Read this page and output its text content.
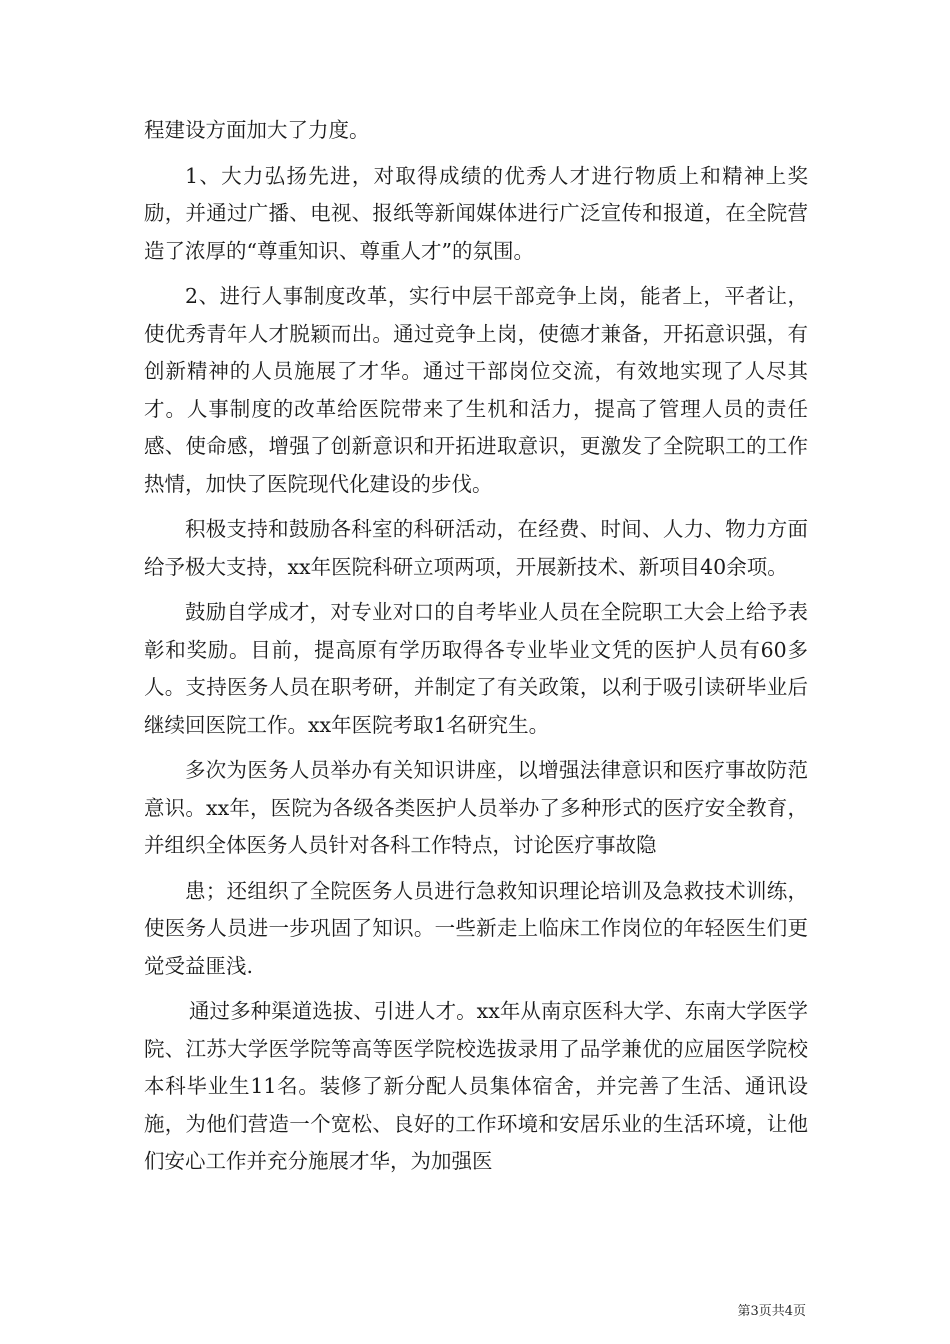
程建设方面加大了力度。

1、大力弘扬先进，对取得成绩的优秀人才进行物质上和精神上奖励，并通过广播、电视、报纸等新闻媒体进行广泛宣传和报道，在全院营造了浓厚的“尊重知识、尊重人才”的氛围。

2、进行人事制度改革，实行中层干部竞争上岗，能者上，平者让，使优秀青年人才脱颖而出。通过竞争上岗，使德才兼备，开拓意识强，有创新精神的人员施展了才华。通过干部岗位交流，有效地实现了人尽其才。人事制度的改革给医院带来了生机和活力，提高了管理人员的责任感、使命感，增强了创新意识和开拓进取意识，更激发了全院职工的工作热情，加快了医院现代化建设的步伐。

积极支持和鼓励各科室的科研活动，在经费、时间、人力、物力方面给予极大支持，xx年医院科研立项两项，开展新技术、新项目40余项。

鼓励自学成才，对专业对口的自考毕业人员在全院职工大会上给予表彰和奖励。目前，提高原有学历取得各专业毕业文凭的医护人员有60多人。支持医务人员在职考研，并制定了有关政策，以利于吸引读研毕业后继续回医院工作。xx年医院考取1名研究生。

多次为医务人员举办有关知识讲座，以增强法律意识和医疗事故防范意识。xx年，医院为各级各类医护人员举办了多种形式的医疗安全教育，并组织全体医务人员针对各科工作特点，讨论医疗事故隐

患；还组织了全院医务人员进行急救知识理论培训及急救技术训练，使医务人员进一步巩固了知识。一些新走上临床工作岗位的年轻医生们更觉受益匪浅.

通过多种渠道选拔、引进人才。xx年从南京医科大学、东南大学医学院、江苏大学医学院等高等医学院校选拔录用了品学兼优的应届医学院校本科毕业生11名。装修了新分配人员集体宿舍，并完善了生活、通讯设施，为他们营造一个宽松、良好的工作环境和安居乐业的生活环境，让他们安心工作并充分施展才华，为加强医

第3页共4页
